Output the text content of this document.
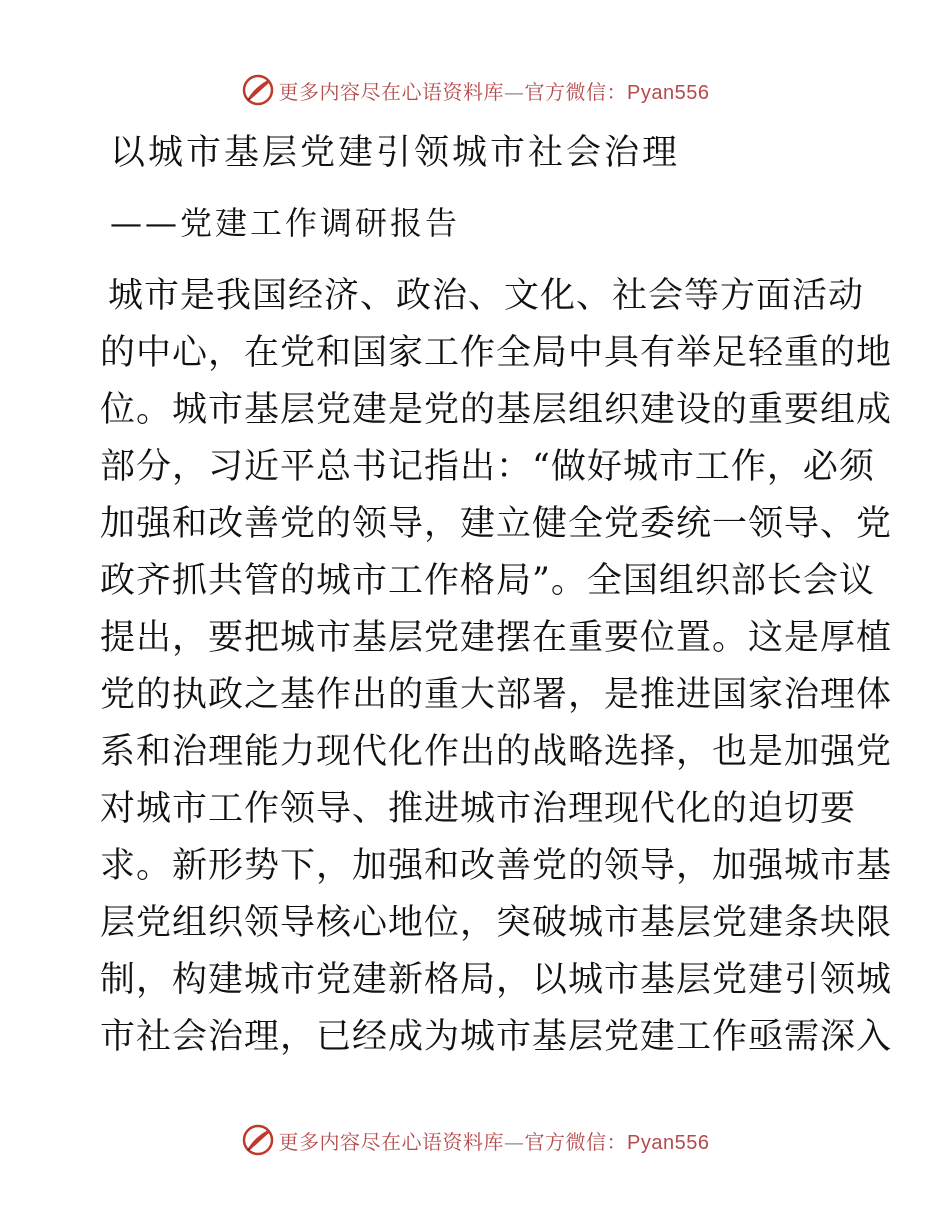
更多内容尽在心语资料库—官方微信：Pyan556
以城市基层党建引领城市社会治理
——党建工作调研报告
城市是我国经济、政治、文化、社会等方面活动
的中心，在党和国家工作全局中具有举足轻重的地
位。城市基层党建是党的基层组织建设的重要组成
部分，习近平总书记指出：“做好城市工作，必须
加强和改善党的领导，建立健全党委统一领导、党
政齐抓共管的城市工作格局”。全国组织部长会议
提出，要把城市基层党建摆在重要位置。这是厚植
党的执政之基作出的重大部署，是推进国家治理体
系和治理能力现代化作出的战略选择，也是加强党
对城市工作领导、推进城市治理现代化的迫切要
求。新形势下，加强和改善党的领导，加强城市基
层党组织领导核心地位，突破城市基层党建条块限
制，构建城市党建新格局，以城市基层党建引领城
市社会治理，已经成为城市基层党建工作亟需深入
更多内容尽在心语资料库—官方微信：Pyan556
